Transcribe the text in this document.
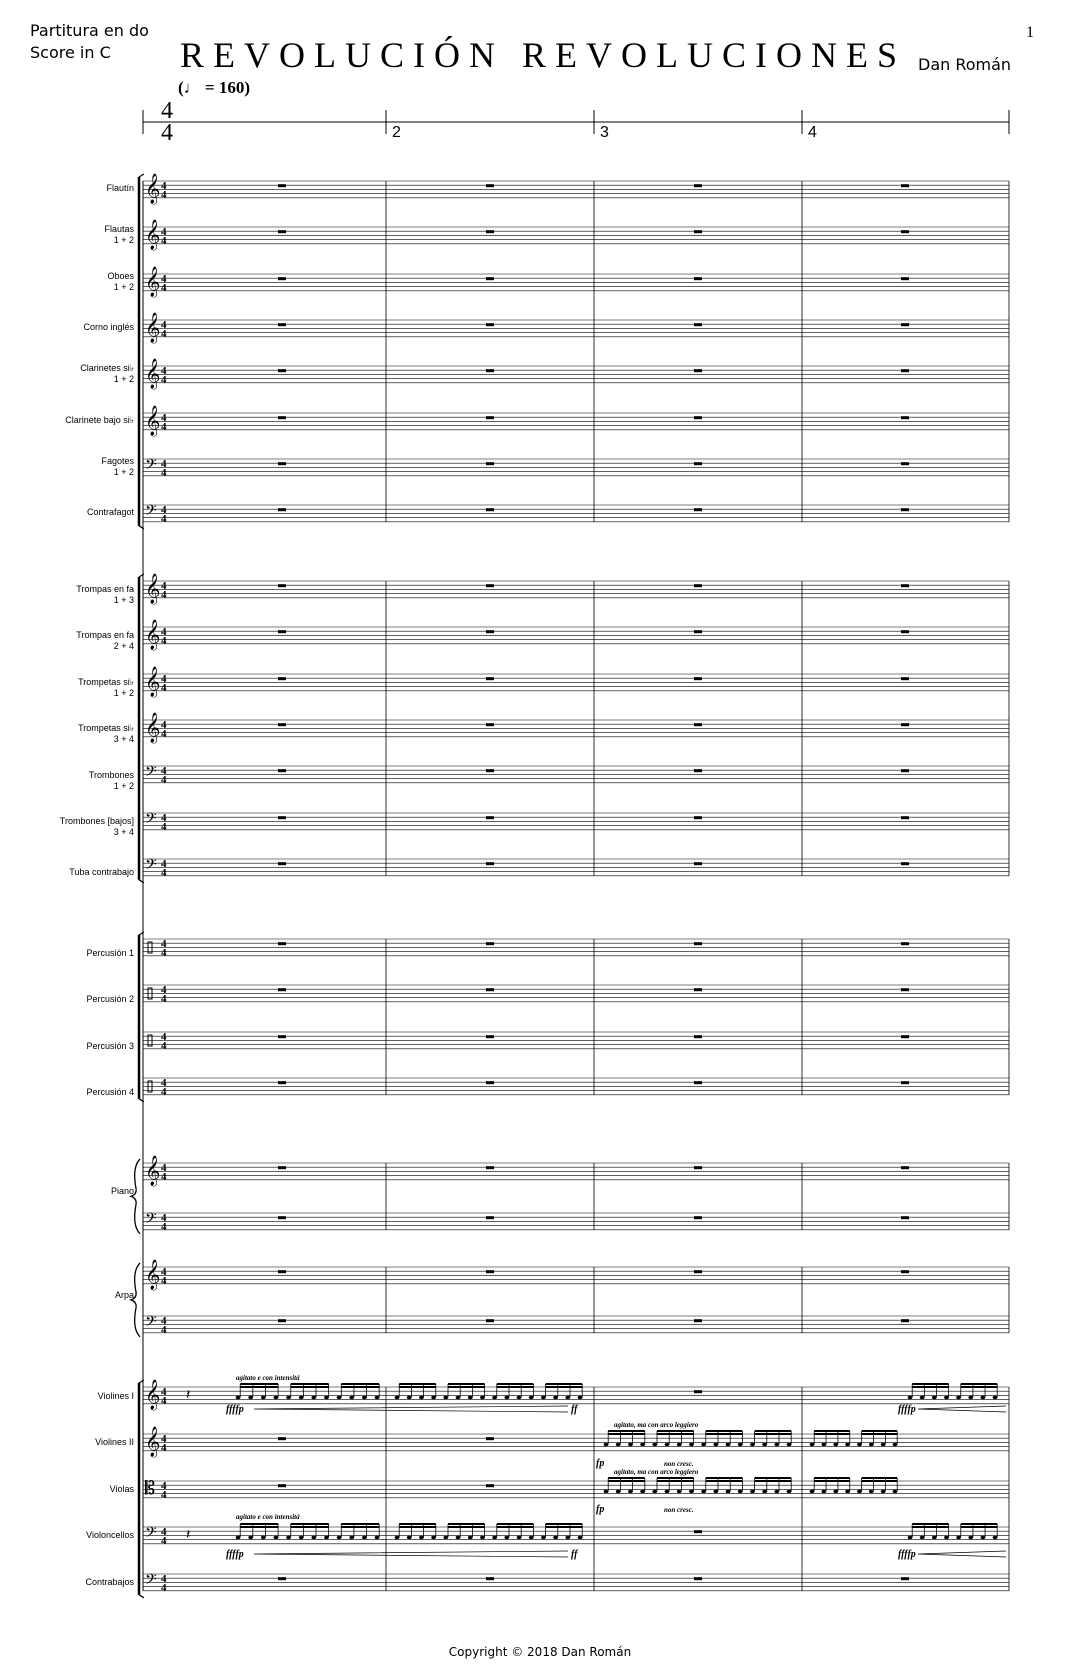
Partitura en do
Score in C REVOLUCIÓN REVOLUCIONES Dan Román
1
(♩ = 160)
2	3	4
Flautín
Flautas
1 + 2
Oboes
1 + 2
Corno inglés
Clarinetes si♭
1 + 2
Clarinete bajo si♭
Fagotes
1 + 2
Contrafagot
Trompas en fa
1 + 3
Trompas en fa
2 + 4
Trompetas si♭
1 + 2
Trompetas si♭
3 + 4
Trombones
1 + 2
Trombones [bajos]
3 + 4
Tuba contrabajo
Percusión 1
Percusión 2
Percusión 3
Percusión 4
Piano
Arpa
Violines I
Violines II
Violas
Violoncellos
Contrabajos
agitato e con intensitá
ffffp	ff	ffffp
agitato, ma con arco leggiero
fp	non cresc.
agitato, ma con arco leggiero
fp	non cresc.
agitato e con intensitá
ffffp	ff	ffffp
Copyright © 2018 Dan Román
4
4
𝄞 4
4
𝄞 4
4
𝄞 4
4
𝄞 4
4
𝄞 4
4
𝄞 4
4
𝄢 4
4
𝄢 4
4
𝄞 4
4
𝄞 4
4
𝄞 4
4
𝄞 4
4
𝄢 4
4
𝄢 4
4
𝄢 4
4
4
4
4
4
4
4
4
4
𝄞 4
4
𝄢 4
4
𝄞 4
4
𝄢 4
4
𝄞 4
4
𝄞 4
4
𝄡 4
4
𝄢 4
4
𝄢 4
4
𝄽
𝄽
